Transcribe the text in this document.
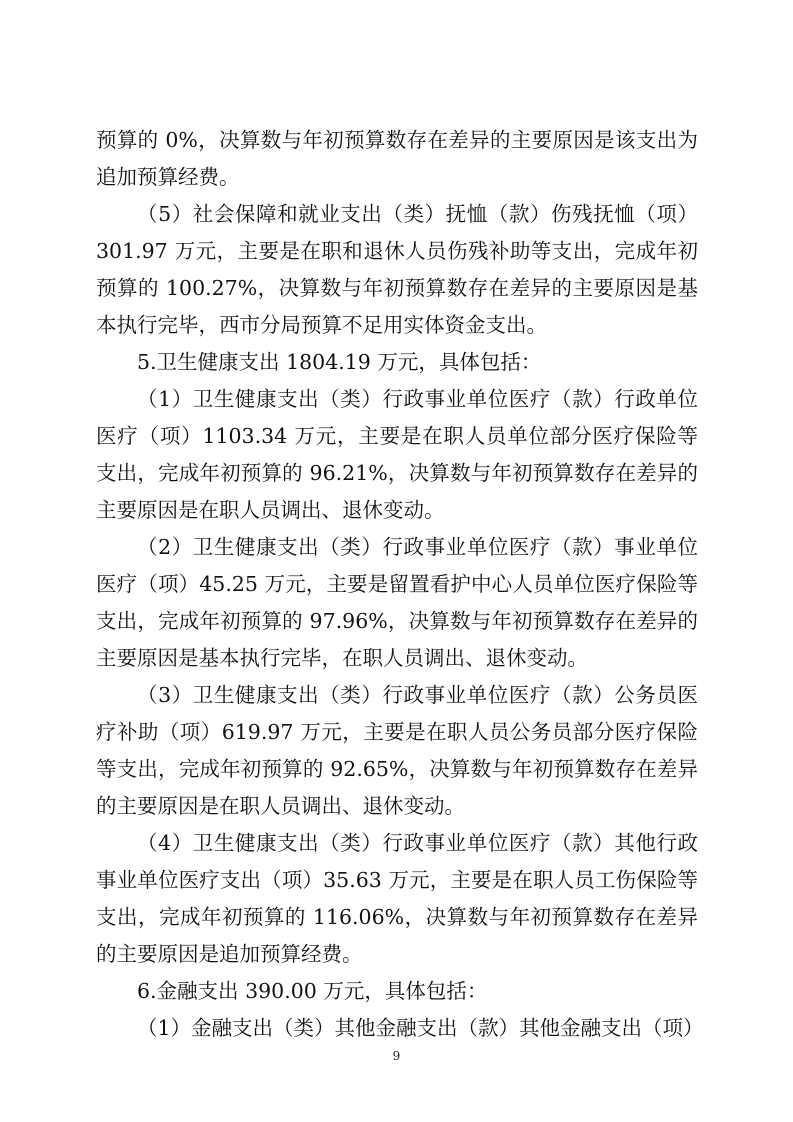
预算的 0%，决算数与年初预算数存在差异的主要原因是该支出为追加预算经费。

（5）社会保障和就业支出（类）抚恤（款）伤残抚恤（项）301.97 万元，主要是在职和退休人员伤残补助等支出，完成年初预算的 100.27%，决算数与年初预算数存在差异的主要原因是基本执行完毕，西市分局预算不足用实体资金支出。

5.卫生健康支出 1804.19 万元，具体包括：

（1）卫生健康支出（类）行政事业单位医疗（款）行政单位医疗（项）1103.34 万元，主要是在职人员单位部分医疗保险等支出，完成年初预算的 96.21%，决算数与年初预算数存在差异的主要原因是在职人员调出、退休变动。

（2）卫生健康支出（类）行政事业单位医疗（款）事业单位医疗（项）45.25 万元，主要是留置看护中心人员单位医疗保险等支出，完成年初预算的 97.96%，决算数与年初预算数存在差异的主要原因是基本执行完毕，在职人员调出、退休变动。

（3）卫生健康支出（类）行政事业单位医疗（款）公务员医疗补助（项）619.97 万元，主要是在职人员公务员部分医疗保险等支出，完成年初预算的 92.65%，决算数与年初预算数存在差异的主要原因是在职人员调出、退休变动。

（4）卫生健康支出（类）行政事业单位医疗（款）其他行政事业单位医疗支出（项）35.63 万元，主要是在职人员工伤保险等支出，完成年初预算的 116.06%，决算数与年初预算数存在差异的主要原因是追加预算经费。

6.金融支出 390.00 万元，具体包括：

（1）金融支出（类）其他金融支出（款）其他金融支出（项）

9
